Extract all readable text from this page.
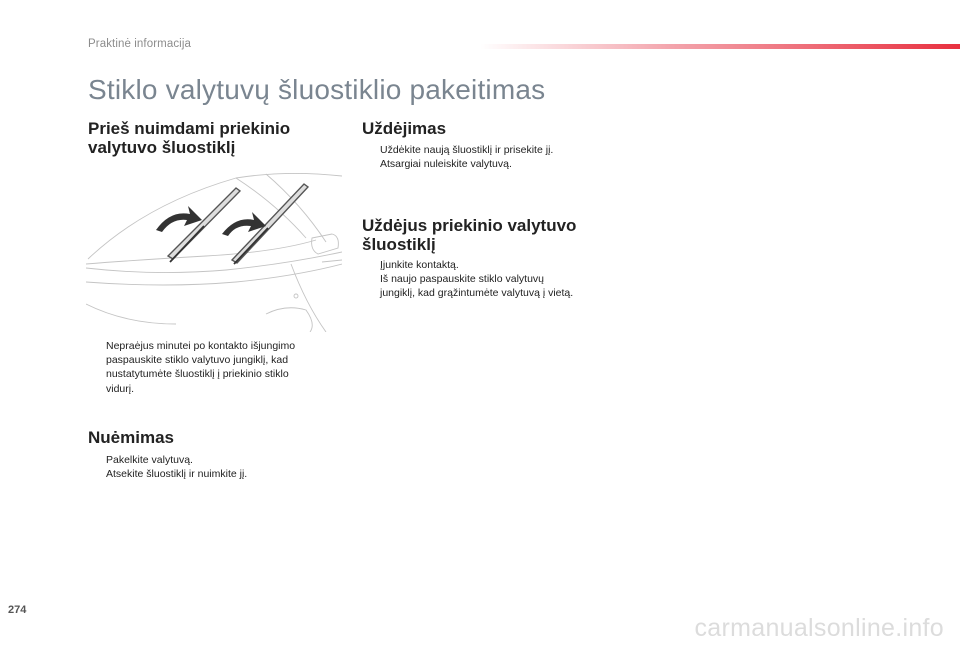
Praktinė informacija
Stiklo valytuvų šluostiklio pakeitimas
Prieš nuimdami priekinio
valytuvo šluostiklį
Nepraėjus minutei po kontakto išjungimo
paspauskite stiklo valytuvo jungiklį, kad
nustatytumėte šluostiklį į priekinio stiklo
vidurį.
Nuėmimas
Pakelkite valytuvą.
Atsekite šluostiklį ir nuimkite jį.
Uždėjimas
Uždėkite naują šluostiklį ir prisekite jį.
Atsargiai nuleiskite valytuvą.
Uždėjus priekinio valytuvo
šluostiklį
Įjunkite kontaktą.
Iš naujo paspauskite stiklo valytuvų
jungiklį, kad grąžintumėte valytuvą į vietą.
274
carmanualsonline.info
